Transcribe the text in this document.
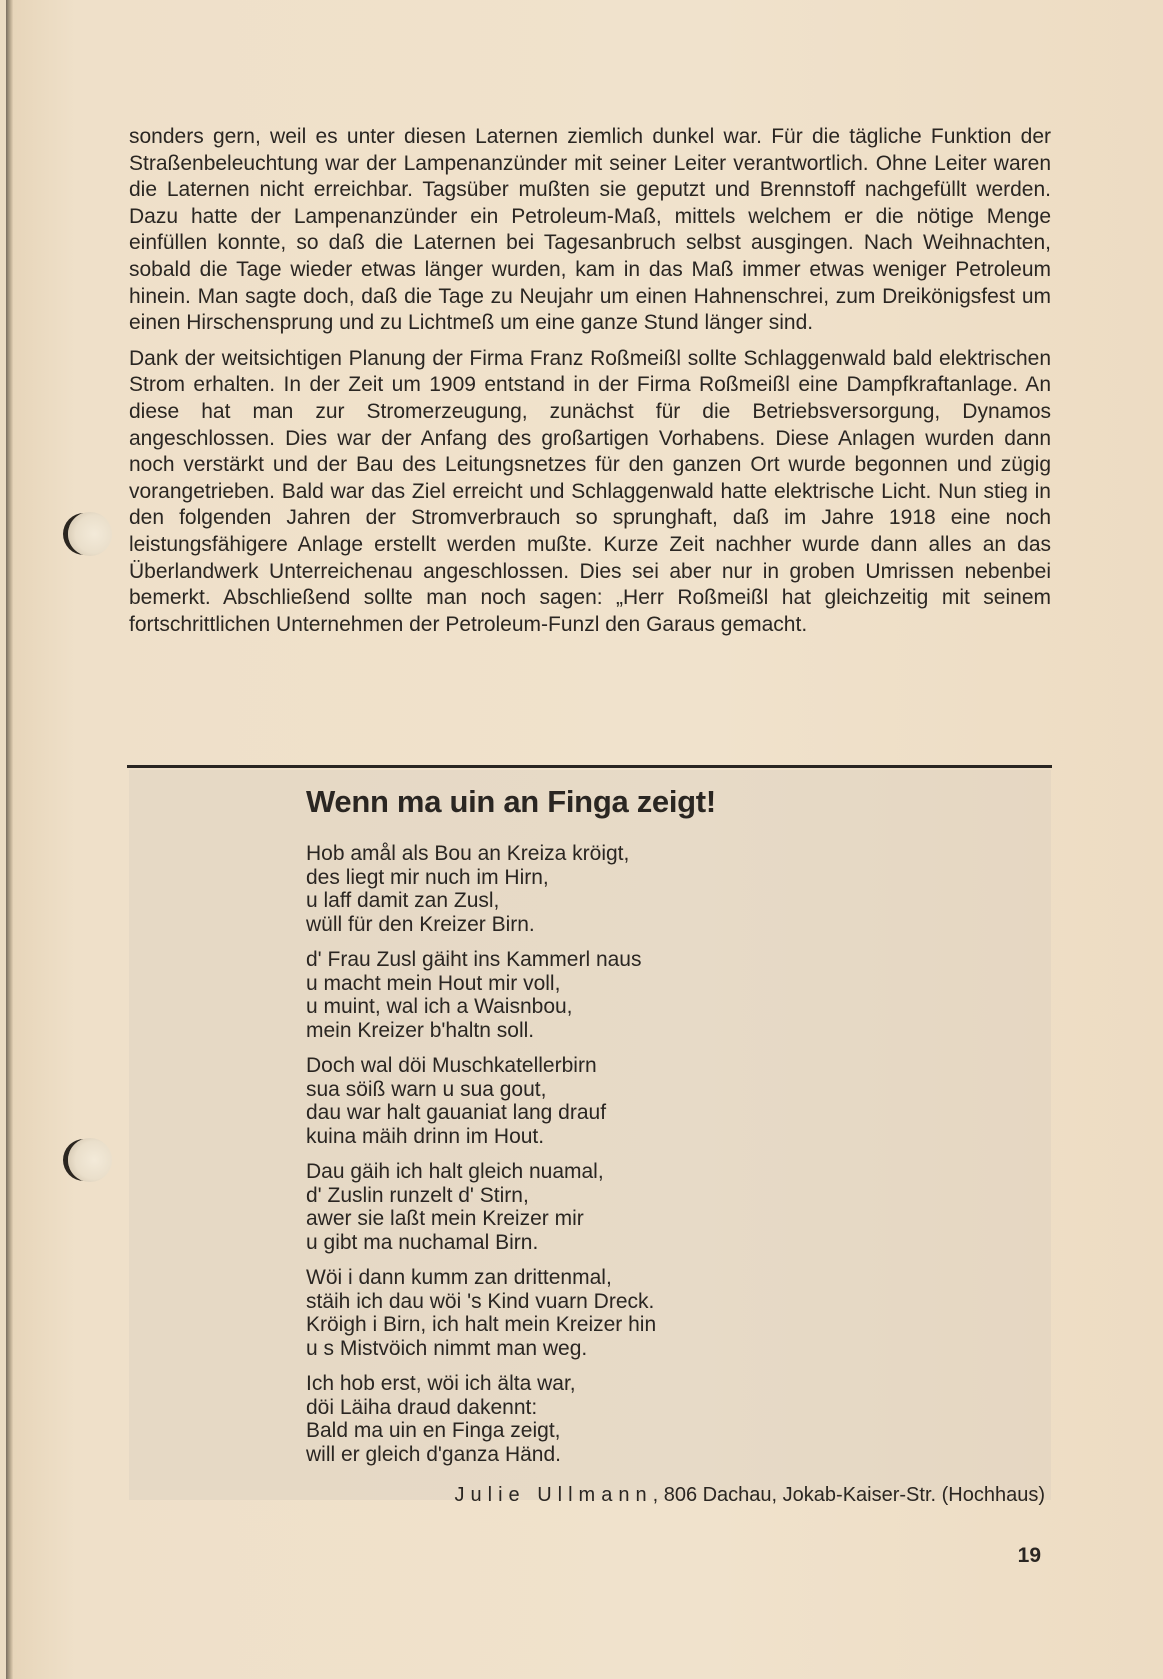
sonders gern, weil es unter diesen Laternen ziemlich dunkel war. Für die tägliche Funktion der Straßenbeleuchtung war der Lampenanzünder mit seiner Leiter verantwortlich. Ohne Leiter waren die Laternen nicht erreichbar. Tagsüber mußten sie geputzt und Brennstoff nachgefüllt werden. Dazu hatte der Lampenanzünder ein Petroleum-Maß, mittels welchem er die nötige Menge einfüllen konnte, so daß die Laternen bei Tagesanbruch selbst ausgingen. Nach Weihnachten, sobald die Tage wieder etwas länger wurden, kam in das Maß immer etwas weniger Petroleum hinein. Man sagte doch, daß die Tage zu Neujahr um einen Hahnenschrei, zum Dreikönigsfest um einen Hirschensprung und zu Lichtmeß um eine ganze Stund länger sind.

Dank der weitsichtigen Planung der Firma Franz Roßmeißl sollte Schlaggenwald bald elektrischen Strom erhalten. In der Zeit um 1909 entstand in der Firma Roßmeißl eine Dampfkraftanlage. An diese hat man zur Stromerzeugung, zunächst für die Betriebsversorgung, Dynamos angeschlossen. Dies war der Anfang des großartigen Vorhabens. Diese Anlagen wurden dann noch verstärkt und der Bau des Leitungsnetzes für den ganzen Ort wurde begonnen und zügig vorangetrieben. Bald war das Ziel erreicht und Schlaggenwald hatte elektrische Licht. Nun stieg in den folgenden Jahren der Stromverbrauch so sprunghaft, daß im Jahre 1918 eine noch leistungsfähigere Anlage erstellt werden mußte. Kurze Zeit nachher wurde dann alles an das Überlandwerk Unterreichenau angeschlossen. Dies sei aber nur in groben Umrissen nebenbei bemerkt. Abschließend sollte man noch sagen: „Herr Roßmeißl hat gleichzeitig mit seinem fortschrittlichen Unternehmen der Petroleum-Funzl den Garaus gemacht.

Wenn ma uin an Finga zeigt!
Hob amål als Bou an Kreiza kröigt,
des liegt mir nuch im Hirn,
u laff damit zan Zusl,
wüll für den Kreizer Birn.
d' Frau Zusl gäiht ins Kammerl naus
u macht mein Hout mir voll,
u muint, wal ich a Waisnbou,
mein Kreizer b'haltn soll.
Doch wal döi Muschkatellerbirn
sua söiß warn u sua gout,
dau war halt gauaniat lang drauf
kuina mäih drinn im Hout.
Dau gäih ich halt gleich nuamal,
d' Zuslin runzelt d' Stirn,
awer sie laßt mein Kreizer mir
u gibt ma nuchamal Birn.
Wöi i dann kumm zan drittenmal,
stäih ich dau wöi 's Kind vuarn Dreck.
Kröigh i Birn, ich halt mein Kreizer hin
u s Mistvöich nimmt man weg.
Ich hob erst, wöi ich älta war,
döi Läiha draud dakennt:
Bald ma uin en Finga zeigt,
will er gleich d'ganza Händ.
Julie Ullmann, 806 Dachau, Jokab-Kaiser-Str. (Hochhaus)
19
